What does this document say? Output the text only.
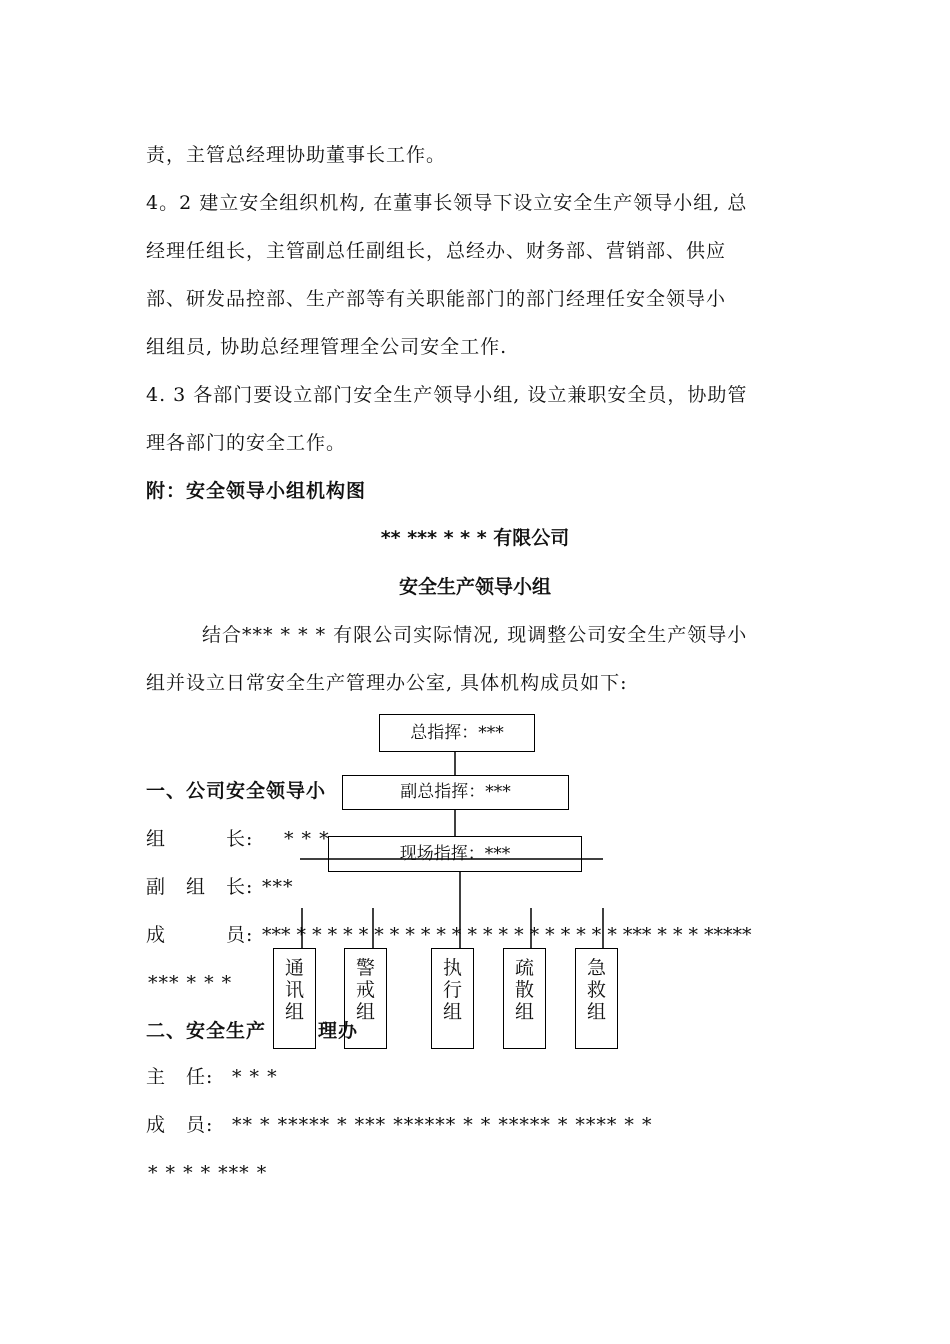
责，主管总经理协助董事长工作。
4。2 建立安全组织机构, 在董事长领导下设立安全生产领导小组, 总
经理任组长，主管副总任副组长，总经办、财务部、营销部、供应
部、研发品控部、生产部等有关职能部门的部门经理任安全领导小
组组员, 协助总经理管理全公司安全工作.
4. 3 各部门要设立部门安全生产领导小组, 设立兼职安全员，协助管
理各部门的安全工作。
附：安全领导小组机构图
** *** * * * 有限公司
安全生产领导小组
结合*** * * * 有限公司实际情况, 现调整公司安全生产领导小
组并设立日常安全生产管理办公室, 具体机构成员如下:
一、公司安全领导小
组　　　长: * * *
副　组　长: ***
成　　　员: *** * * * * * * * * * * * * * * * * * * * * * *** * * * *****
*** * * *
二、安全生产	理办
主　任: * * *
成　员: ** * ***** * *** ****** * * ***** * **** * *
* * * * *** *
总指挥：***
副总指挥：***
现场指挥：***
通
讯
组
警
戒
组
执
行
组
疏
散
组
急
救
组
